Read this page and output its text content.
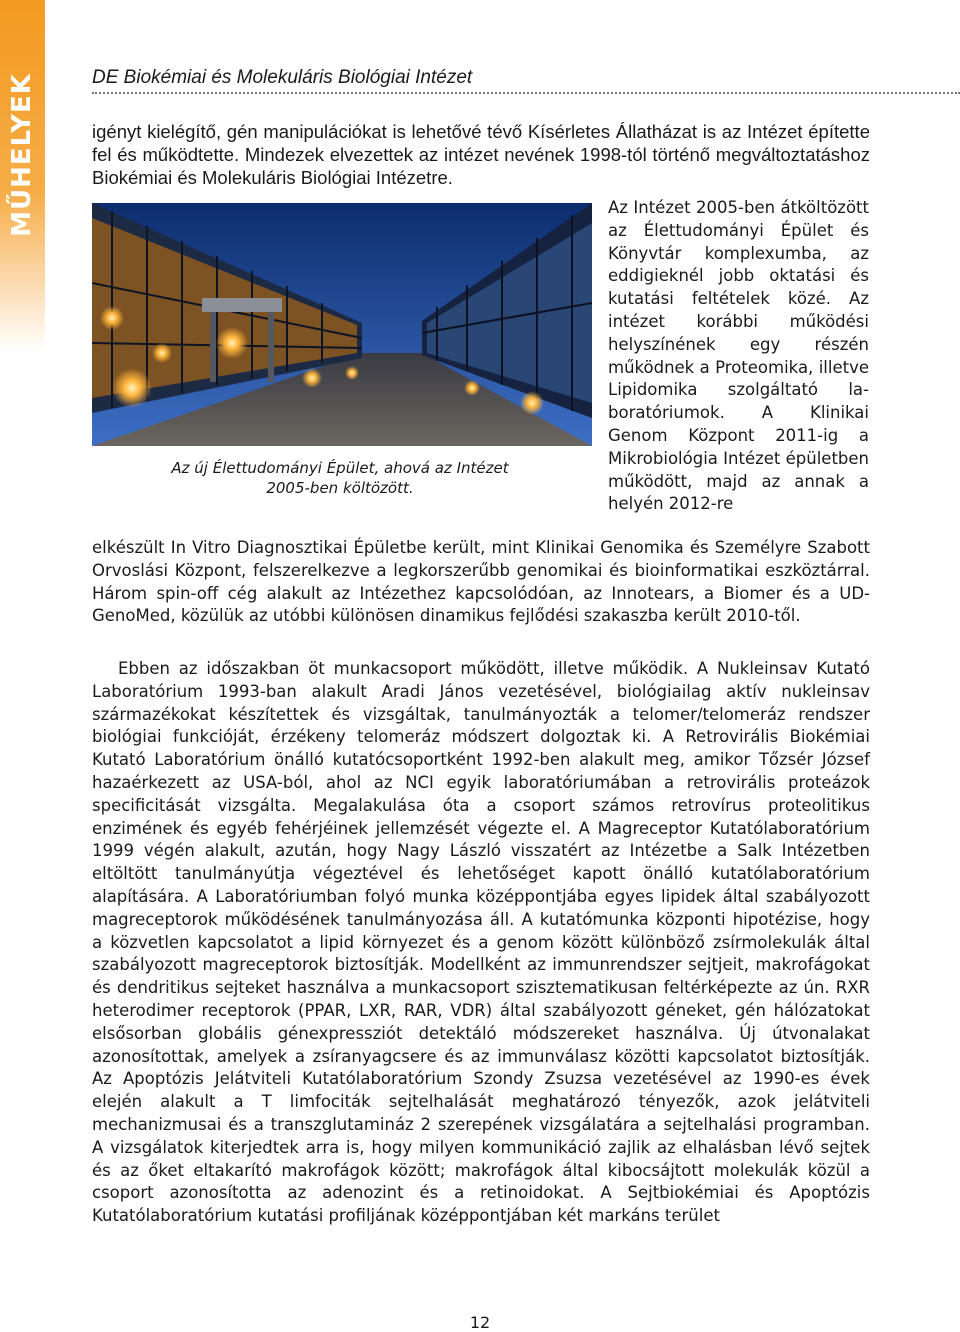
MŰHELYEK	DE Biokémiai és Molekuláris Biológiai Intézet

igényt kielégítő, gén manipulációkat is lehetővé tévő Kísérletes Állatházat is az Intézet építette fel és működtette. Mindezek elvezettek az intézet nevének 1998-tól történő megváltoztatáshoz Biokémiai és Molekuláris Biológiai Intézetre.

Az új Élettudományi Épület, ahová az Intézet 2005-ben költözött.

Az Intézet 2005-ben átköltözött az Élettudományi Épület és Könyvtár komplexumba, az eddigieknél jobb oktatási és kutatási feltételek közé. Az intézet korábbi működési helyszínének egy részén működnek a Proteomika, illetve Lipidomika szolgáltató laboratóriumok. A Klinikai Genom Központ 2011-ig a Mikrobiológia Intézet épületben működött, majd az annak a helyén 2012-re

elkészült In Vitro Diagnosztikai Épületbe került, mint Klinikai Genomika és Személyre Szabott Orvoslási Központ, felszerelkezve a legkorszerűbb genomikai és bioinformatikai eszköztárral. Három spin-off cég alakult az Intézethez kapcsolódóan, az Innotears, a Biomer és a UD-GenoMed, közülük az utóbbi különösen dinamikus fejlődési szakaszba került 2010-től.

Ebben az időszakban öt munkacsoport működött, illetve működik. A Nukleinsav Kutató Laboratórium 1993-ban alakult Aradi János vezetésével, biológiailag aktív nukleinsav származékokat készítettek és vizsgáltak, tanulmányozták a telomer/telomeráz rendszer biológiai funkcióját, érzékeny telomeráz módszert dolgoztak ki. A Retrovirális Biokémiai Kutató Laboratórium önálló kutatócsoportként 1992-ben alakult meg, amikor Tőzsér József hazaérkezett az USA-ból, ahol az NCI egyik laboratóriumában a retrovirális proteázok specificitását vizsgálta. Megalakulása óta a csoport számos retrovírus proteolitikus enzimének és egyéb fehérjéinek jellemzését végezte el. A Magreceptor Kutatólaboratórium 1999 végén alakult, azután, hogy Nagy László visszatért az Intézetbe a Salk Intézetben eltöltött tanulmányútja végeztével és lehetőséget kapott önálló kutatólaboratórium alapítására. A Laboratóriumban folyó munka középpontjába egyes lipidek által szabályozott magreceptorok működésének tanulmányozása áll. A kutatómunka központi hipotézise, hogy a közvetlen kapcsolatot a lipid környezet és a genom között különböző zsírmolekulák által szabályozott magreceptorok biztosítják. Modellként az immunrendszer sejtjeit, makrofágokat és dendritikus sejteket használva a munkacsoport szisztematikusan feltérképezte az ún. RXR heterodimer receptorok (PPAR, LXR, RAR, VDR) által szabályozott géneket, gén hálózatokat elsősorban globális génexpressziót detektáló módszereket használva. Új útvonalakat azonosítottak, amelyek a zsíranyagcsere és az immunválasz közötti kapcsolatot biztosítják. Az Apoptózis Jelátviteli Kutatólaboratórium Szondy Zsuzsa vezetésével az 1990-es évek elején alakult a T limfociták sejtelhalását meghatározó tényezők, azok jelátviteli mechanizmusai és a transzglutamináz 2 szerepének vizsgálatára a sejtelhalási programban. A vizsgálatok kiterjedtek arra is, hogy milyen kommunikáció zajlik az elhalásban lévő sejtek és az őket eltakarító makrofágok között; makrofágok által kibocsájtott molekulák közül a csoport azonosította az adenozint és a retinoidokat. A Sejtbiokémiai és Apoptózis Kutatólaboratórium kutatási profiljának középpontjában két markáns terület

12
